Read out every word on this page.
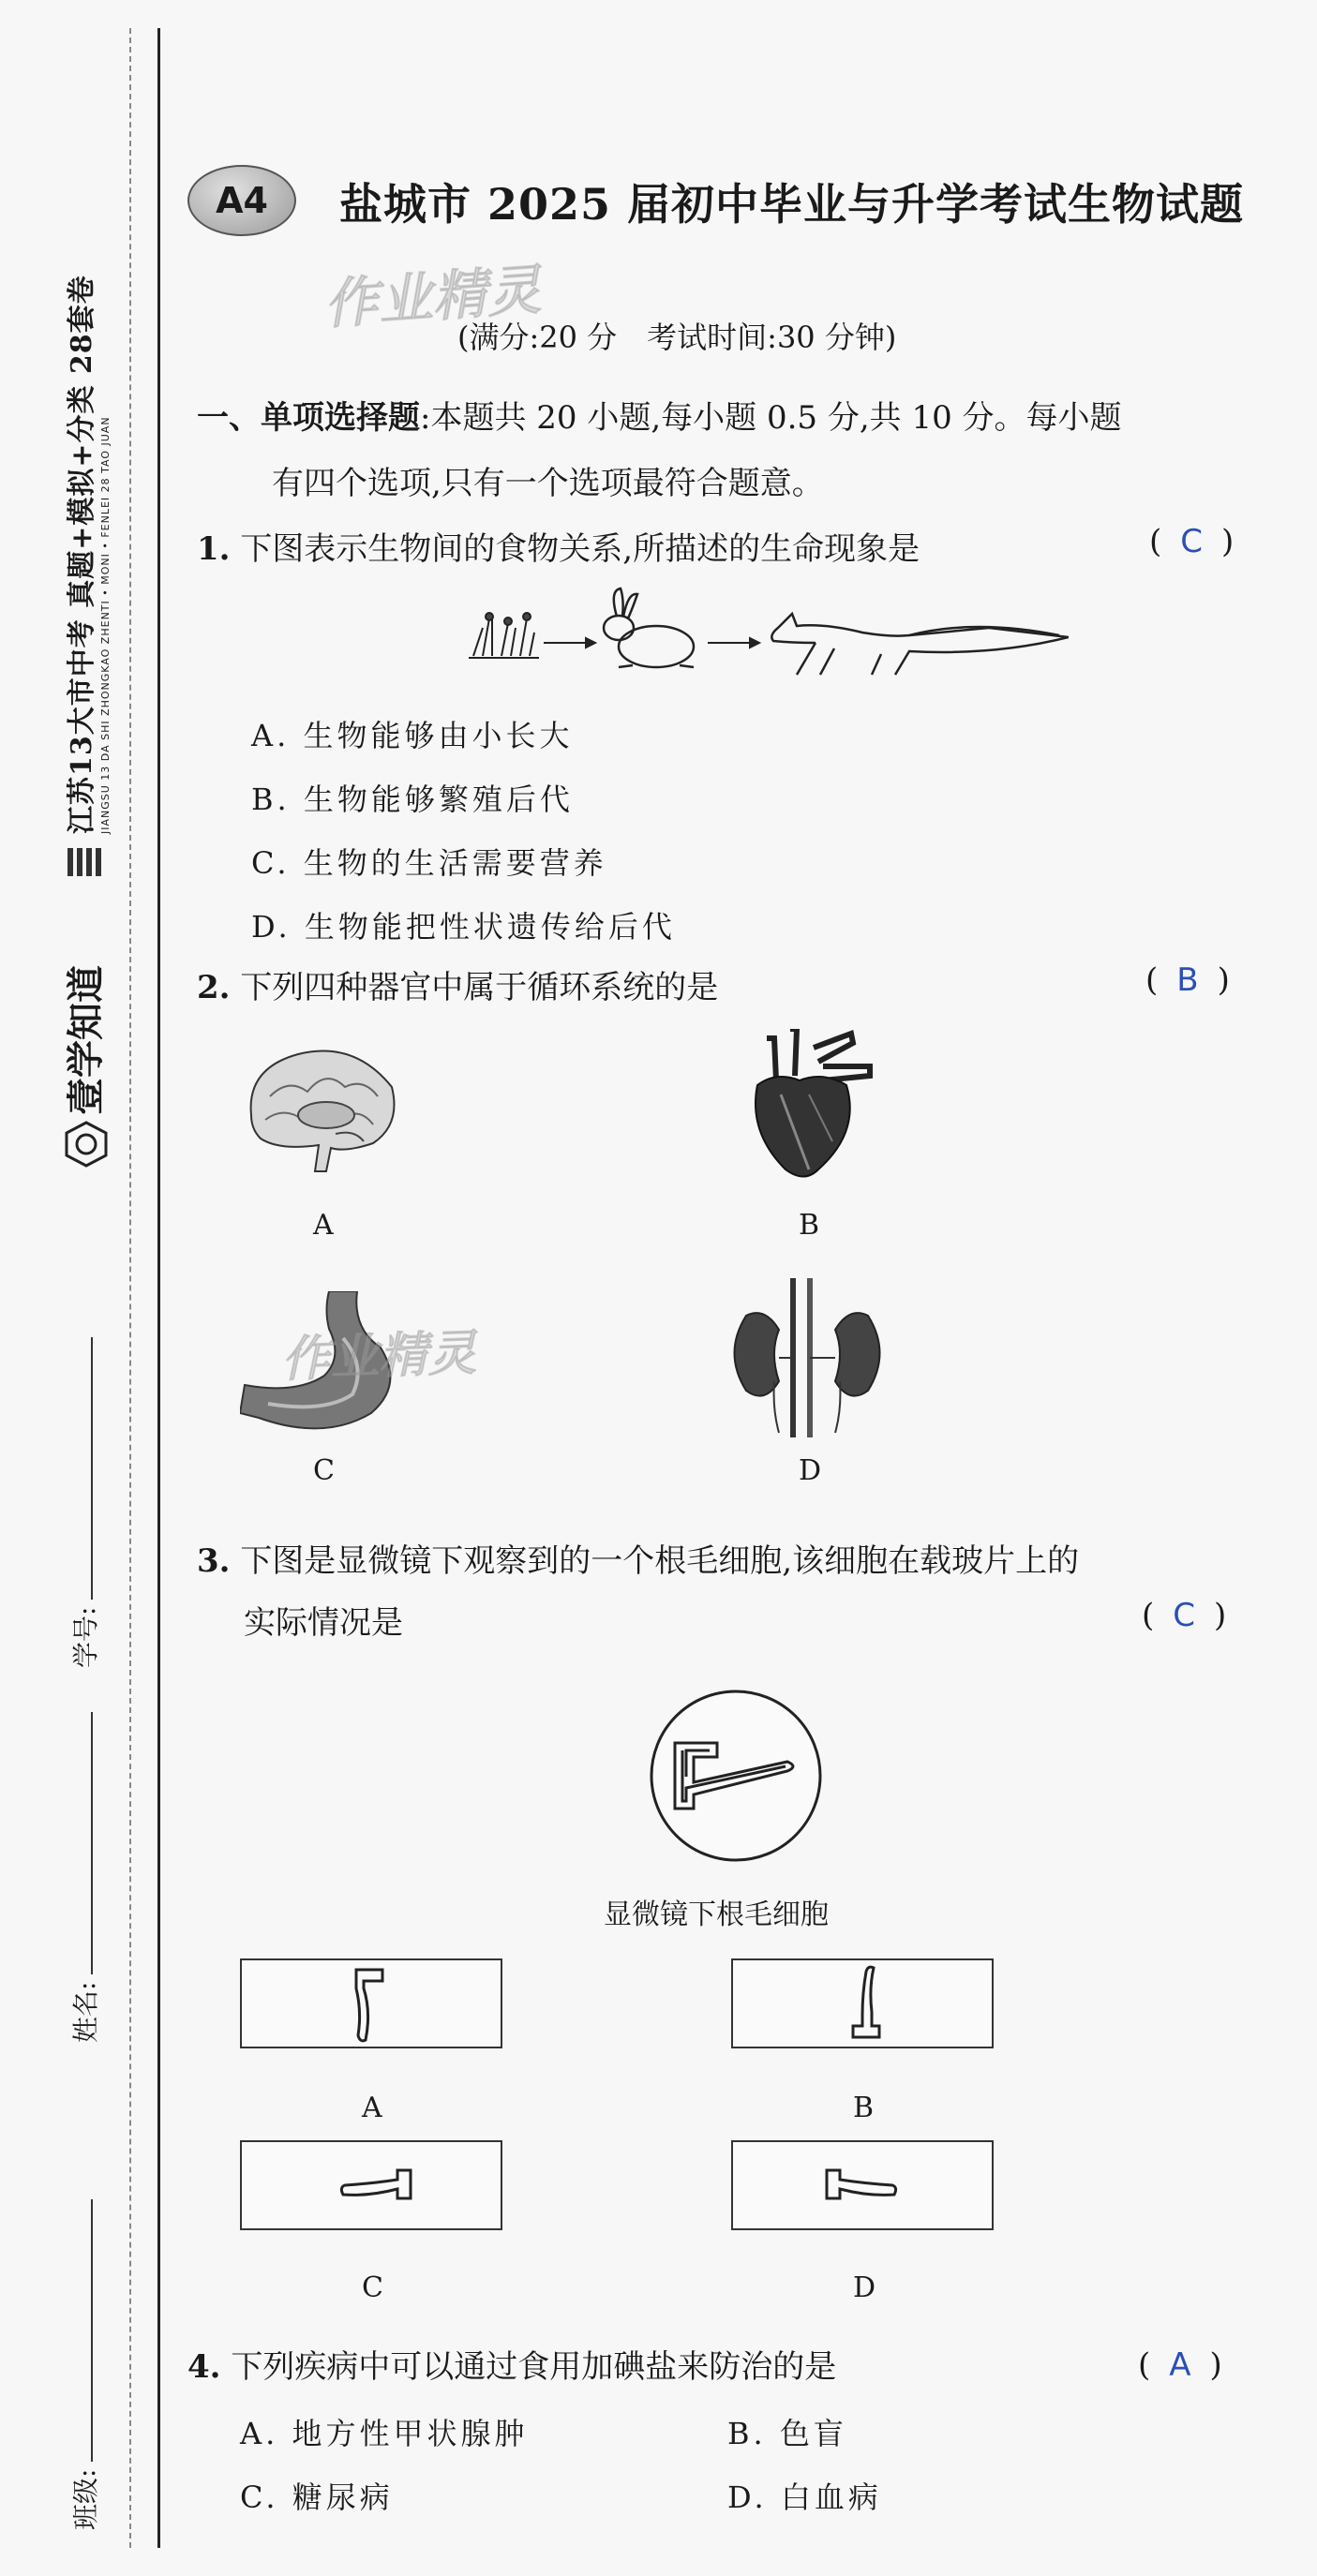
江苏13大市中考 真题+模拟+分类 28套卷 JIANGSU 13 DA SHI ZHONGKAO ZHENTI • MONI • FENLEI 28 TAO JUAN
壹学知道
学号:
姓名:
班级:
A4	盐城市 2025 届初中毕业与升学考试生物试题
作业精灵
(满分:20 分　考试时间:30 分钟)
一、单项选择题:本题共 20 小题,每小题 0.5 分,共 10 分。每小题
有四个选项,只有一个选项最符合题意。
1. 下图表示生物间的食物关系,所描述的生命现象是	( C )
A. 生物能够由小长大
B. 生物能够繁殖后代
C. 生物的生活需要营养
D. 生物能把性状遗传给后代
2. 下列四种器官中属于循环系统的是	( B )
A	B
作业精灵
C	D
3. 下图是显微镜下观察到的一个根毛细胞,该细胞在载玻片上的
实际情况是	( C )
显微镜下根毛细胞
A	B
C	D
4. 下列疾病中可以通过食用加碘盐来防治的是	( A )
A. 地方性甲状腺肿	B. 色盲
C. 糖尿病	D. 白血病
